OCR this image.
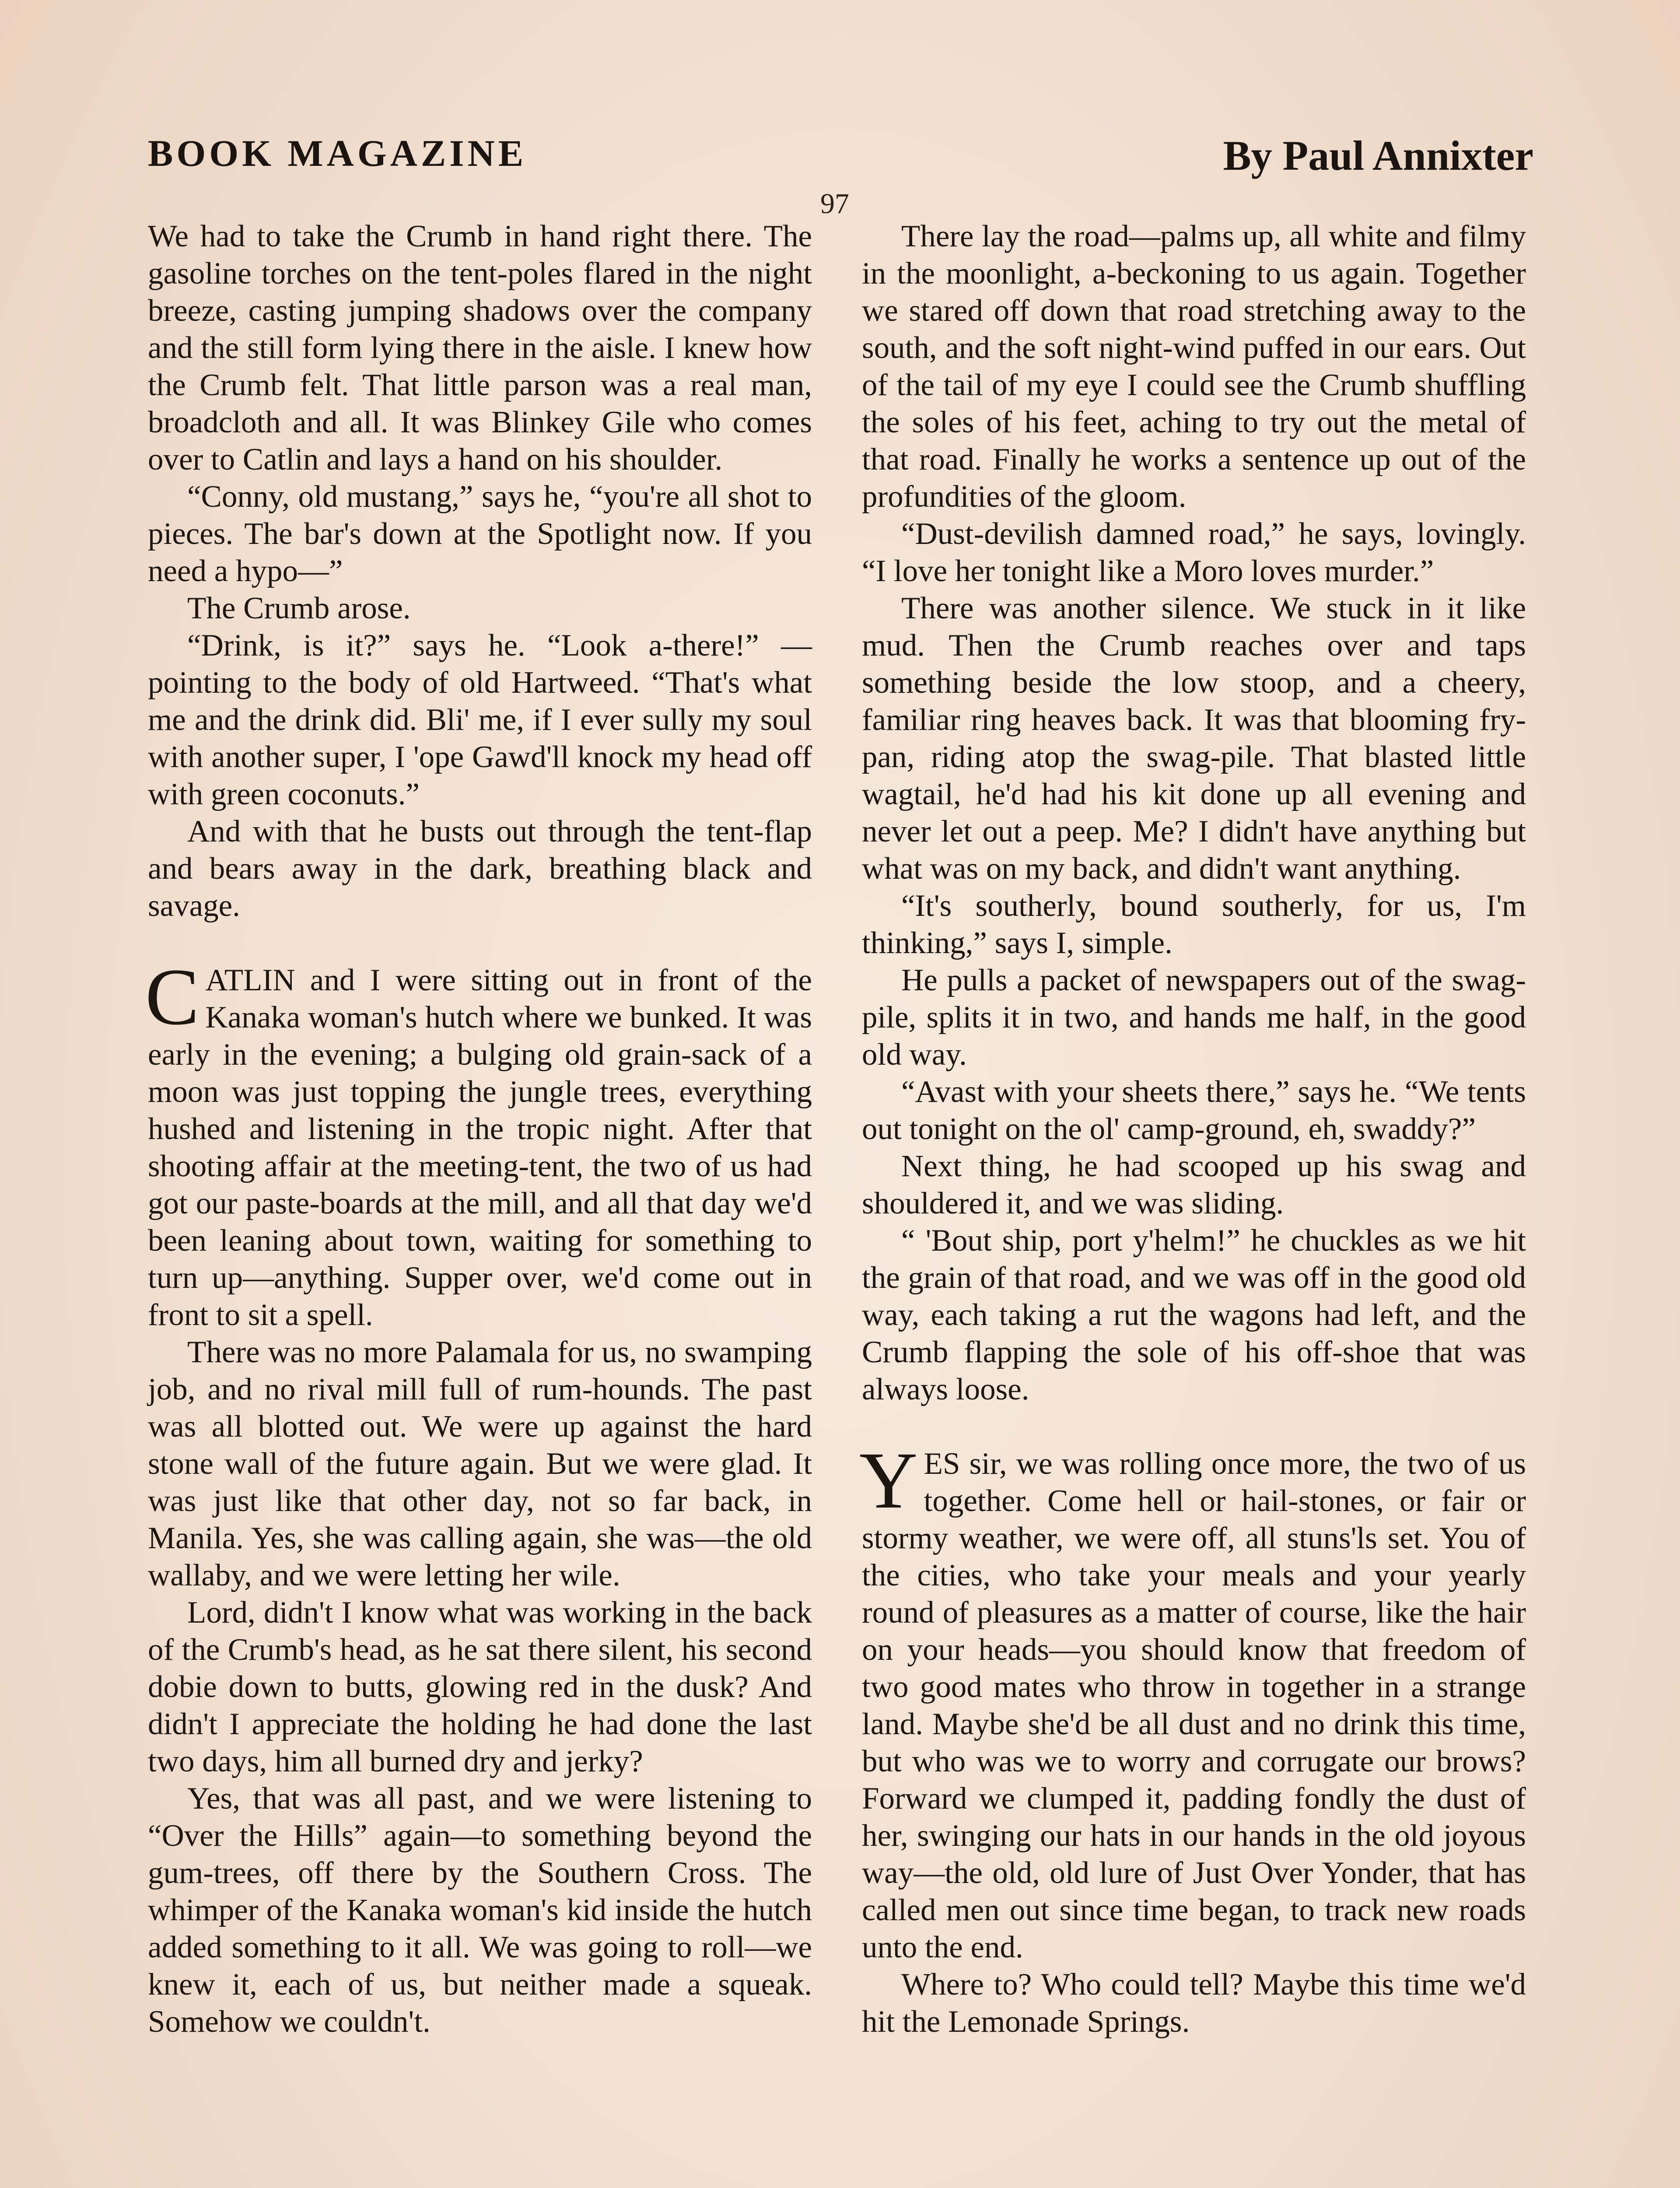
BOOK MAGAZINE	By Paul Annixter
97

We had to take the Crumb in hand right there. The gasoline torches on the tent-poles flared in the night breeze, casting jumping shadows over the company and the still form lying there in the aisle. I knew how the Crumb felt. That little parson was a real man, broadcloth and all. It was Blinkey Gile who comes over to Catlin and lays a hand on his shoulder.

“Conny, old mustang,” says he, “you're all shot to pieces. The bar's down at the Spotlight now. If you need a hypo—”

The Crumb arose.

“Drink, is it?” says he. “Look a-there!” —pointing to the body of old Hartweed. “That's what me and the drink did. Bli' me, if I ever sully my soul with another super, I 'ope Gawd'll knock my head off with green coconuts.”

And with that he busts out through the tent-flap and bears away in the dark, breathing black and savage.

CATLIN and I were sitting out in front of the Kanaka woman's hutch where we bunked. It was early in the evening; a bulging old grain-sack of a moon was just topping the jungle trees, everything hushed and listening in the tropic night. After that shooting affair at the meeting-tent, the two of us had got our paste-boards at the mill, and all that day we'd been leaning about town, waiting for something to turn up—anything. Supper over, we'd come out in front to sit a spell.

There was no more Palamala for us, no swamping job, and no rival mill full of rum-hounds. The past was all blotted out. We were up against the hard stone wall of the future again. But we were glad. It was just like that other day, not so far back, in Manila. Yes, she was calling again, she was—the old wallaby, and we were letting her wile.

Lord, didn't I know what was working in the back of the Crumb's head, as he sat there silent, his second dobie down to butts, glowing red in the dusk? And didn't I appreciate the holding he had done the last two days, him all burned dry and jerky?

Yes, that was all past, and we were listening to “Over the Hills” again—to something beyond the gum-trees, off there by the Southern Cross. The whimper of the Kanaka woman's kid inside the hutch added something to it all. We was going to roll—we knew it, each of us, but neither made a squeak. Somehow we couldn't.

There lay the road—palms up, all white and filmy in the moonlight, a-beckoning to us again. Together we stared off down that road stretching away to the south, and the soft night-wind puffed in our ears. Out of the tail of my eye I could see the Crumb shuffling the soles of his feet, aching to try out the metal of that road. Finally he works a sentence up out of the profundities of the gloom.

“Dust-devilish damned road,” he says, lovingly. “I love her tonight like a Moro loves murder.”

There was another silence. We stuck in it like mud. Then the Crumb reaches over and taps something beside the low stoop, and a cheery, familiar ring heaves back. It was that blooming fry-pan, riding atop the swag-pile. That blasted little wagtail, he'd had his kit done up all evening and never let out a peep. Me? I didn't have anything but what was on my back, and didn't want anything.

“It's southerly, bound southerly, for us, I'm thinking,” says I, simple.

He pulls a packet of newspapers out of the swag-pile, splits it in two, and hands me half, in the good old way.

“Avast with your sheets there,” says he. “We tents out tonight on the ol' camp-ground, eh, swaddy?”

Next thing, he had scooped up his swag and shouldered it, and we was sliding.

“ 'Bout ship, port y'helm!” he chuckles as we hit the grain of that road, and we was off in the good old way, each taking a rut the wagons had left, and the Crumb flapping the sole of his off-shoe that was always loose.

YES sir, we was rolling once more, the two of us together. Come hell or hail-stones, or fair or stormy weather, we were off, all stuns'ls set. You of the cities, who take your meals and your yearly round of pleasures as a matter of course, like the hair on your heads—you should know that freedom of two good mates who throw in together in a strange land. Maybe she'd be all dust and no drink this time, but who was we to worry and corrugate our brows? Forward we clumped it, padding fondly the dust of her, swinging our hats in our hands in the old joyous way—the old, old lure of Just Over Yonder, that has called men out since time began, to track new roads unto the end.

Where to? Who could tell? Maybe this time we'd hit the Lemonade Springs.
